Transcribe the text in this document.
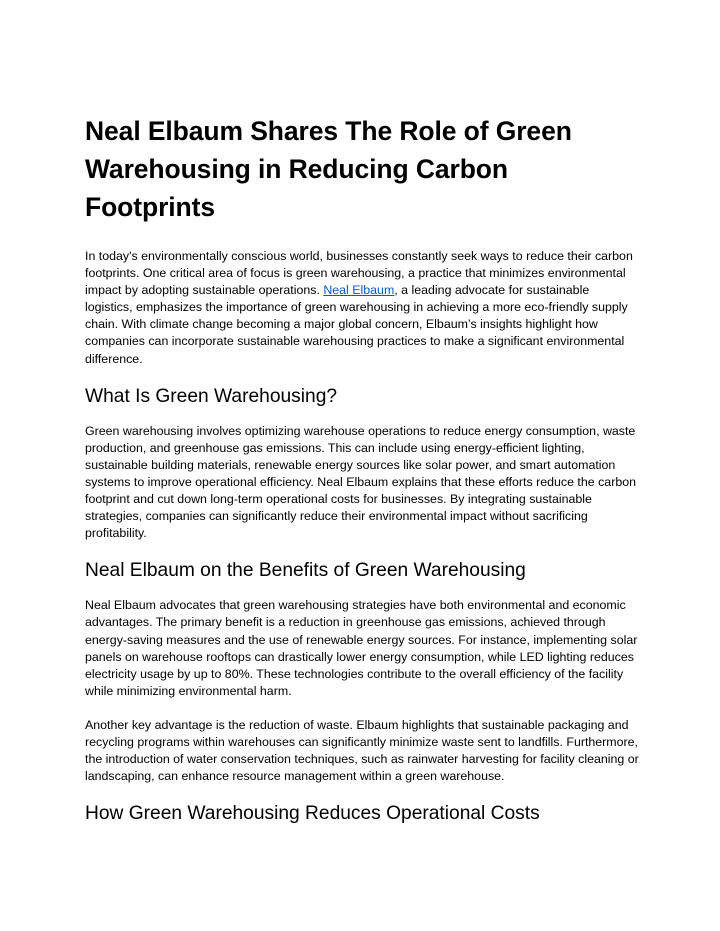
Neal Elbaum Shares The Role of Green Warehousing in Reducing Carbon Footprints

In today's environmentally conscious world, businesses constantly seek ways to reduce their carbon footprints. One critical area of focus is green warehousing, a practice that minimizes environmental impact by adopting sustainable operations. Neal Elbaum, a leading advocate for sustainable logistics, emphasizes the importance of green warehousing in achieving a more eco-friendly supply chain. With climate change becoming a major global concern, Elbaum’s insights highlight how companies can incorporate sustainable warehousing practices to make a significant environmental difference.

What Is Green Warehousing?

Green warehousing involves optimizing warehouse operations to reduce energy consumption, waste production, and greenhouse gas emissions. This can include using energy-efficient lighting, sustainable building materials, renewable energy sources like solar power, and smart automation systems to improve operational efficiency. Neal Elbaum explains that these efforts reduce the carbon footprint and cut down long-term operational costs for businesses. By integrating sustainable strategies, companies can significantly reduce their environmental impact without sacrificing profitability.

Neal Elbaum on the Benefits of Green Warehousing

Neal Elbaum advocates that green warehousing strategies have both environmental and economic advantages. The primary benefit is a reduction in greenhouse gas emissions, achieved through energy-saving measures and the use of renewable energy sources. For instance, implementing solar panels on warehouse rooftops can drastically lower energy consumption, while LED lighting reduces electricity usage by up to 80%. These technologies contribute to the overall efficiency of the facility while minimizing environmental harm.

Another key advantage is the reduction of waste. Elbaum highlights that sustainable packaging and recycling programs within warehouses can significantly minimize waste sent to landfills. Furthermore, the introduction of water conservation techniques, such as rainwater harvesting for facility cleaning or landscaping, can enhance resource management within a green warehouse.

How Green Warehousing Reduces Operational Costs
